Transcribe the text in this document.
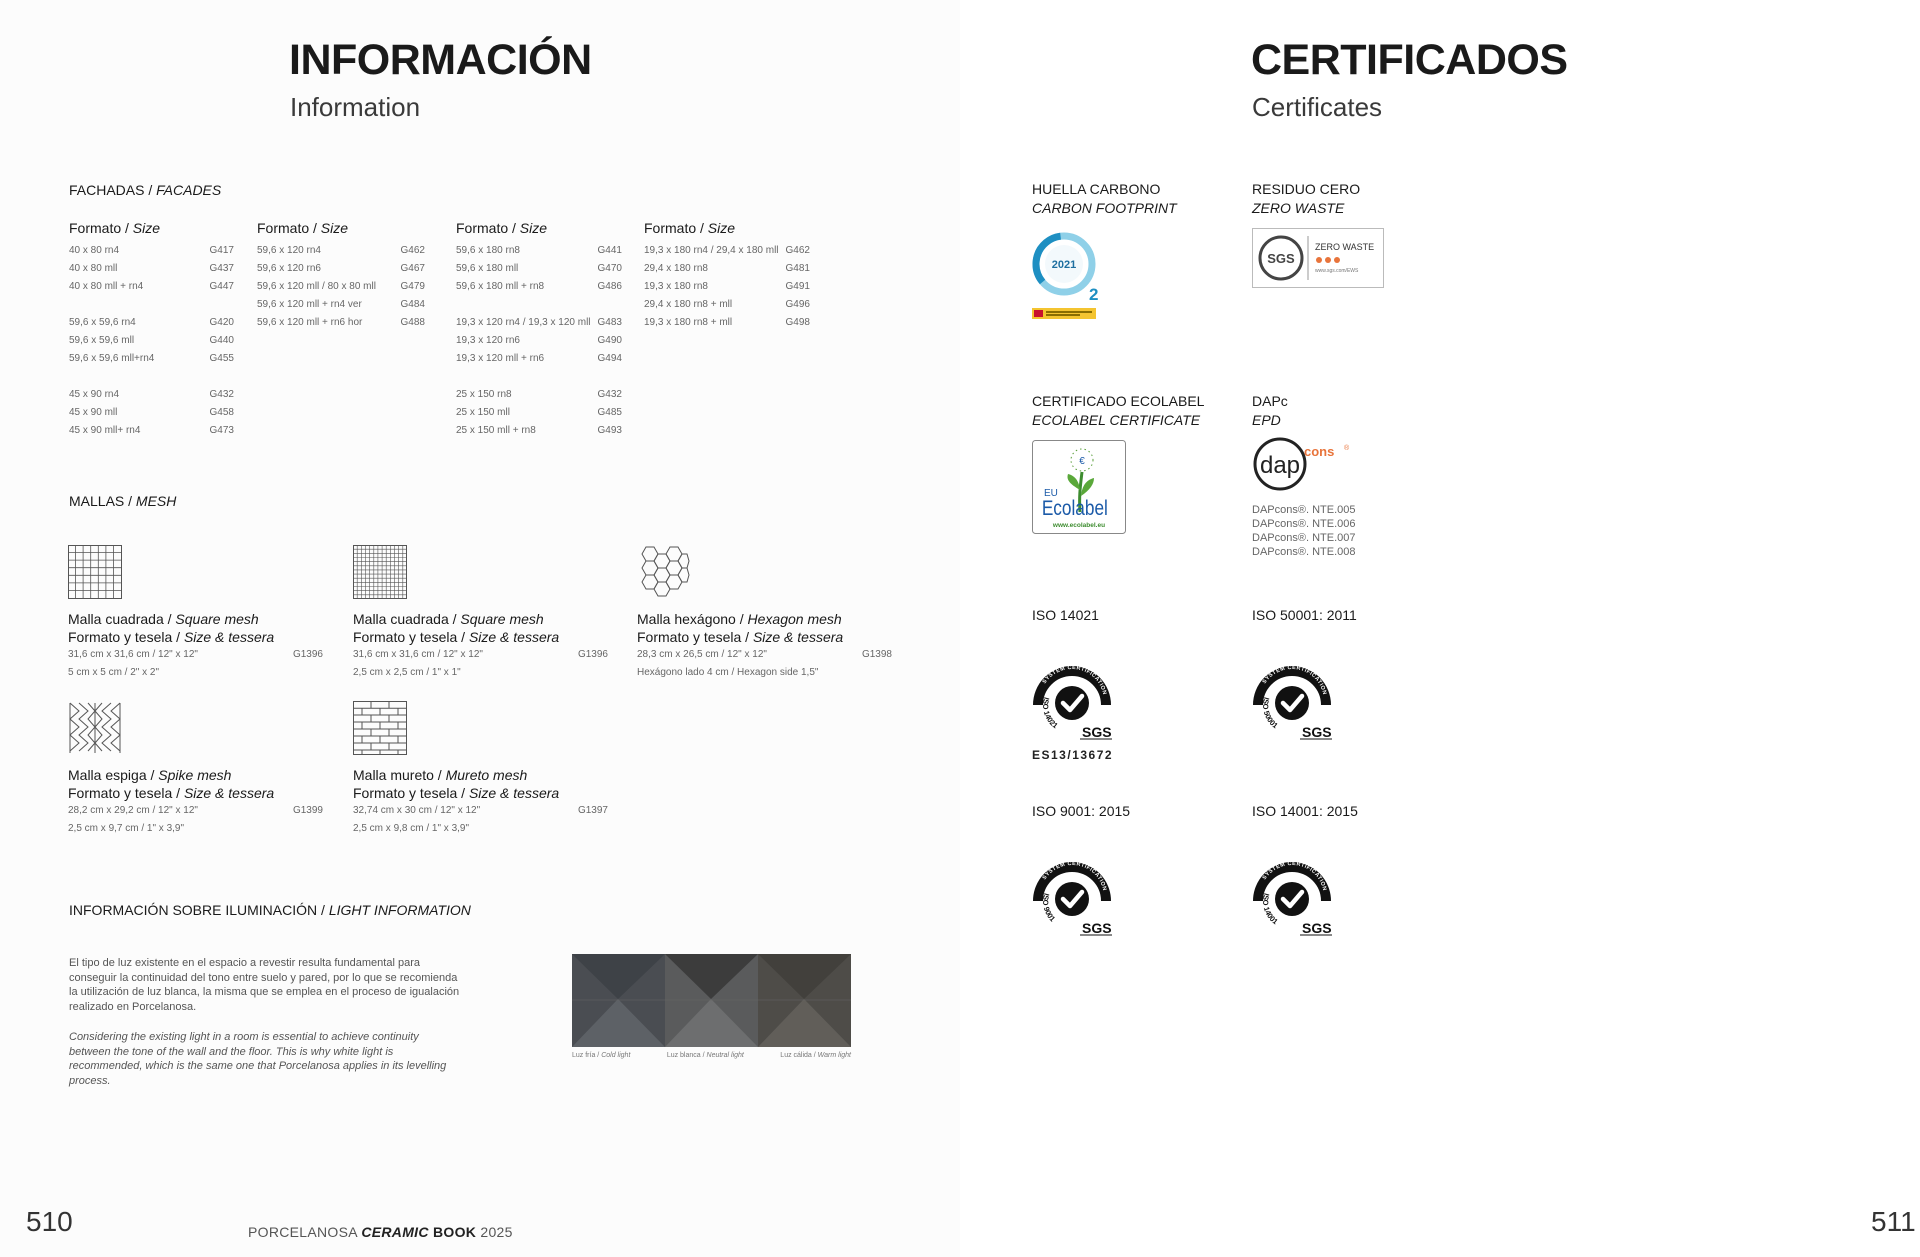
INFORMACIÓN
Information
FACHADAS / FACADES
Formato / Size
40 x 80 rn4	G417
40 x 80 mll	G437
40 x 80 mll + rn4	G447
59,6 x 59,6 rn4	G420
59,6 x 59,6 mll	G440
59,6 x 59,6 mll+rn4	G455
45 x 90 rn4	G432
45 x 90 mll	G458
45 x 90 mll+ rn4	G473
Formato / Size
59,6 x 120 rn4	G462
59,6 x 120 rn6	G467
59,6 x 120 mll / 80 x 80 mll	G479
59,6 x 120 mll + rn4 ver	G484
59,6 x 120 mll + rn6 hor	G488
Formato / Size
59,6 x 180 rn8	G441
59,6 x 180 mll	G470
59,6 x 180 mll + rn8	G486
19,3 x 120 rn4 / 19,3 x 120 mll G483
19,3 x 120 rn6	G490
19,3 x 120 mll + rn6	G494
25 x 150 rn8	G432
25 x 150 mll	G485
25 x 150 mll + rn8	G493
Formato / Size
19,3 x 180 rn4 / 29,4 x 180 mll G462
29,4 x 180 rn8	G481
19,3 x 180 rn8	G491
29,4 x 180 rn8 + mll	G496
19,3 x 180 rn8 + mll	G498
MALLAS / MESH
Malla cuadrada / Square mesh
Formato y tesela / Size & tessera
31,6 cm x 31,6 cm / 12" x 12"	G1396
5 cm x 5 cm / 2" x 2"
Malla cuadrada / Square mesh
Formato y tesela / Size & tessera
31,6 cm x 31,6 cm / 12" x 12"	G1396
2,5 cm x 2,5 cm / 1" x 1"
Malla hexágono / Hexagon mesh
Formato y tesela / Size & tessera
28,3 cm x 26,5 cm / 12" x 12"	G1398
Hexágono lado 4 cm / Hexagon side 1,5"
Malla espiga / Spike mesh
Formato y tesela / Size & tessera
28,2 cm x 29,2 cm / 12" x 12"	G1399
2,5 cm x 9,7 cm / 1" x 3,9"
Malla mureto / Mureto mesh
Formato y tesela / Size & tessera
32,74 cm x 30 cm / 12" x 12"	G1397
2,5 cm x 9,8 cm / 1" x 3,9"
INFORMACIÓN SOBRE ILUMINACIÓN / LIGHT INFORMATION
El tipo de luz existente en el espacio a revestir resulta fundamental para conseguir la continuidad del tono entre suelo y pared, por lo que se recomienda la utilización de luz blanca, la misma que se emplea en el proceso de igualación realizado en Porcelanosa.
Considering the existing light in a room is essential to achieve continuity between the tone of the wall and the floor. This is why white light is recommended, which is the same one that Porcelanosa applies in its levelling process.
Luz fría / Cold light	Luz blanca / Neutral light	Luz cálida / Warm light
510	PORCELANOSA CERAMIC BOOK 2025
CERTIFICADOS
Certificates
HUELLA CARBONO
CARBON FOOTPRINT
2021
2
RESIDUO CERO
ZERO WASTE
SGS
ZERO WASTE
www.sgs.com/EWS
CERTIFICADO ECOLABEL
ECOLABEL CERTIFICATE
€
EU
Ecolabel
www.ecolabel.eu
DAPc
EPD
dap
cons ®
DAPcons®. NTE.005
DAPcons®. NTE.006
DAPcons®. NTE.007
DAPcons®. NTE.008
ISO 14021
SYSTEM CERTIFICATION
ISO 14021 SGS
ES13/13672
ISO 50001: 2011
SYSTEM CERTIFICATION
ISO 50001 SGS
ISO 9001: 2015
SYSTEM CERTIFICATION
ISO 9001
SGS
ISO 14001: 2015
SYSTEM CERTIFICATION
ISO 14001 SGS
511
